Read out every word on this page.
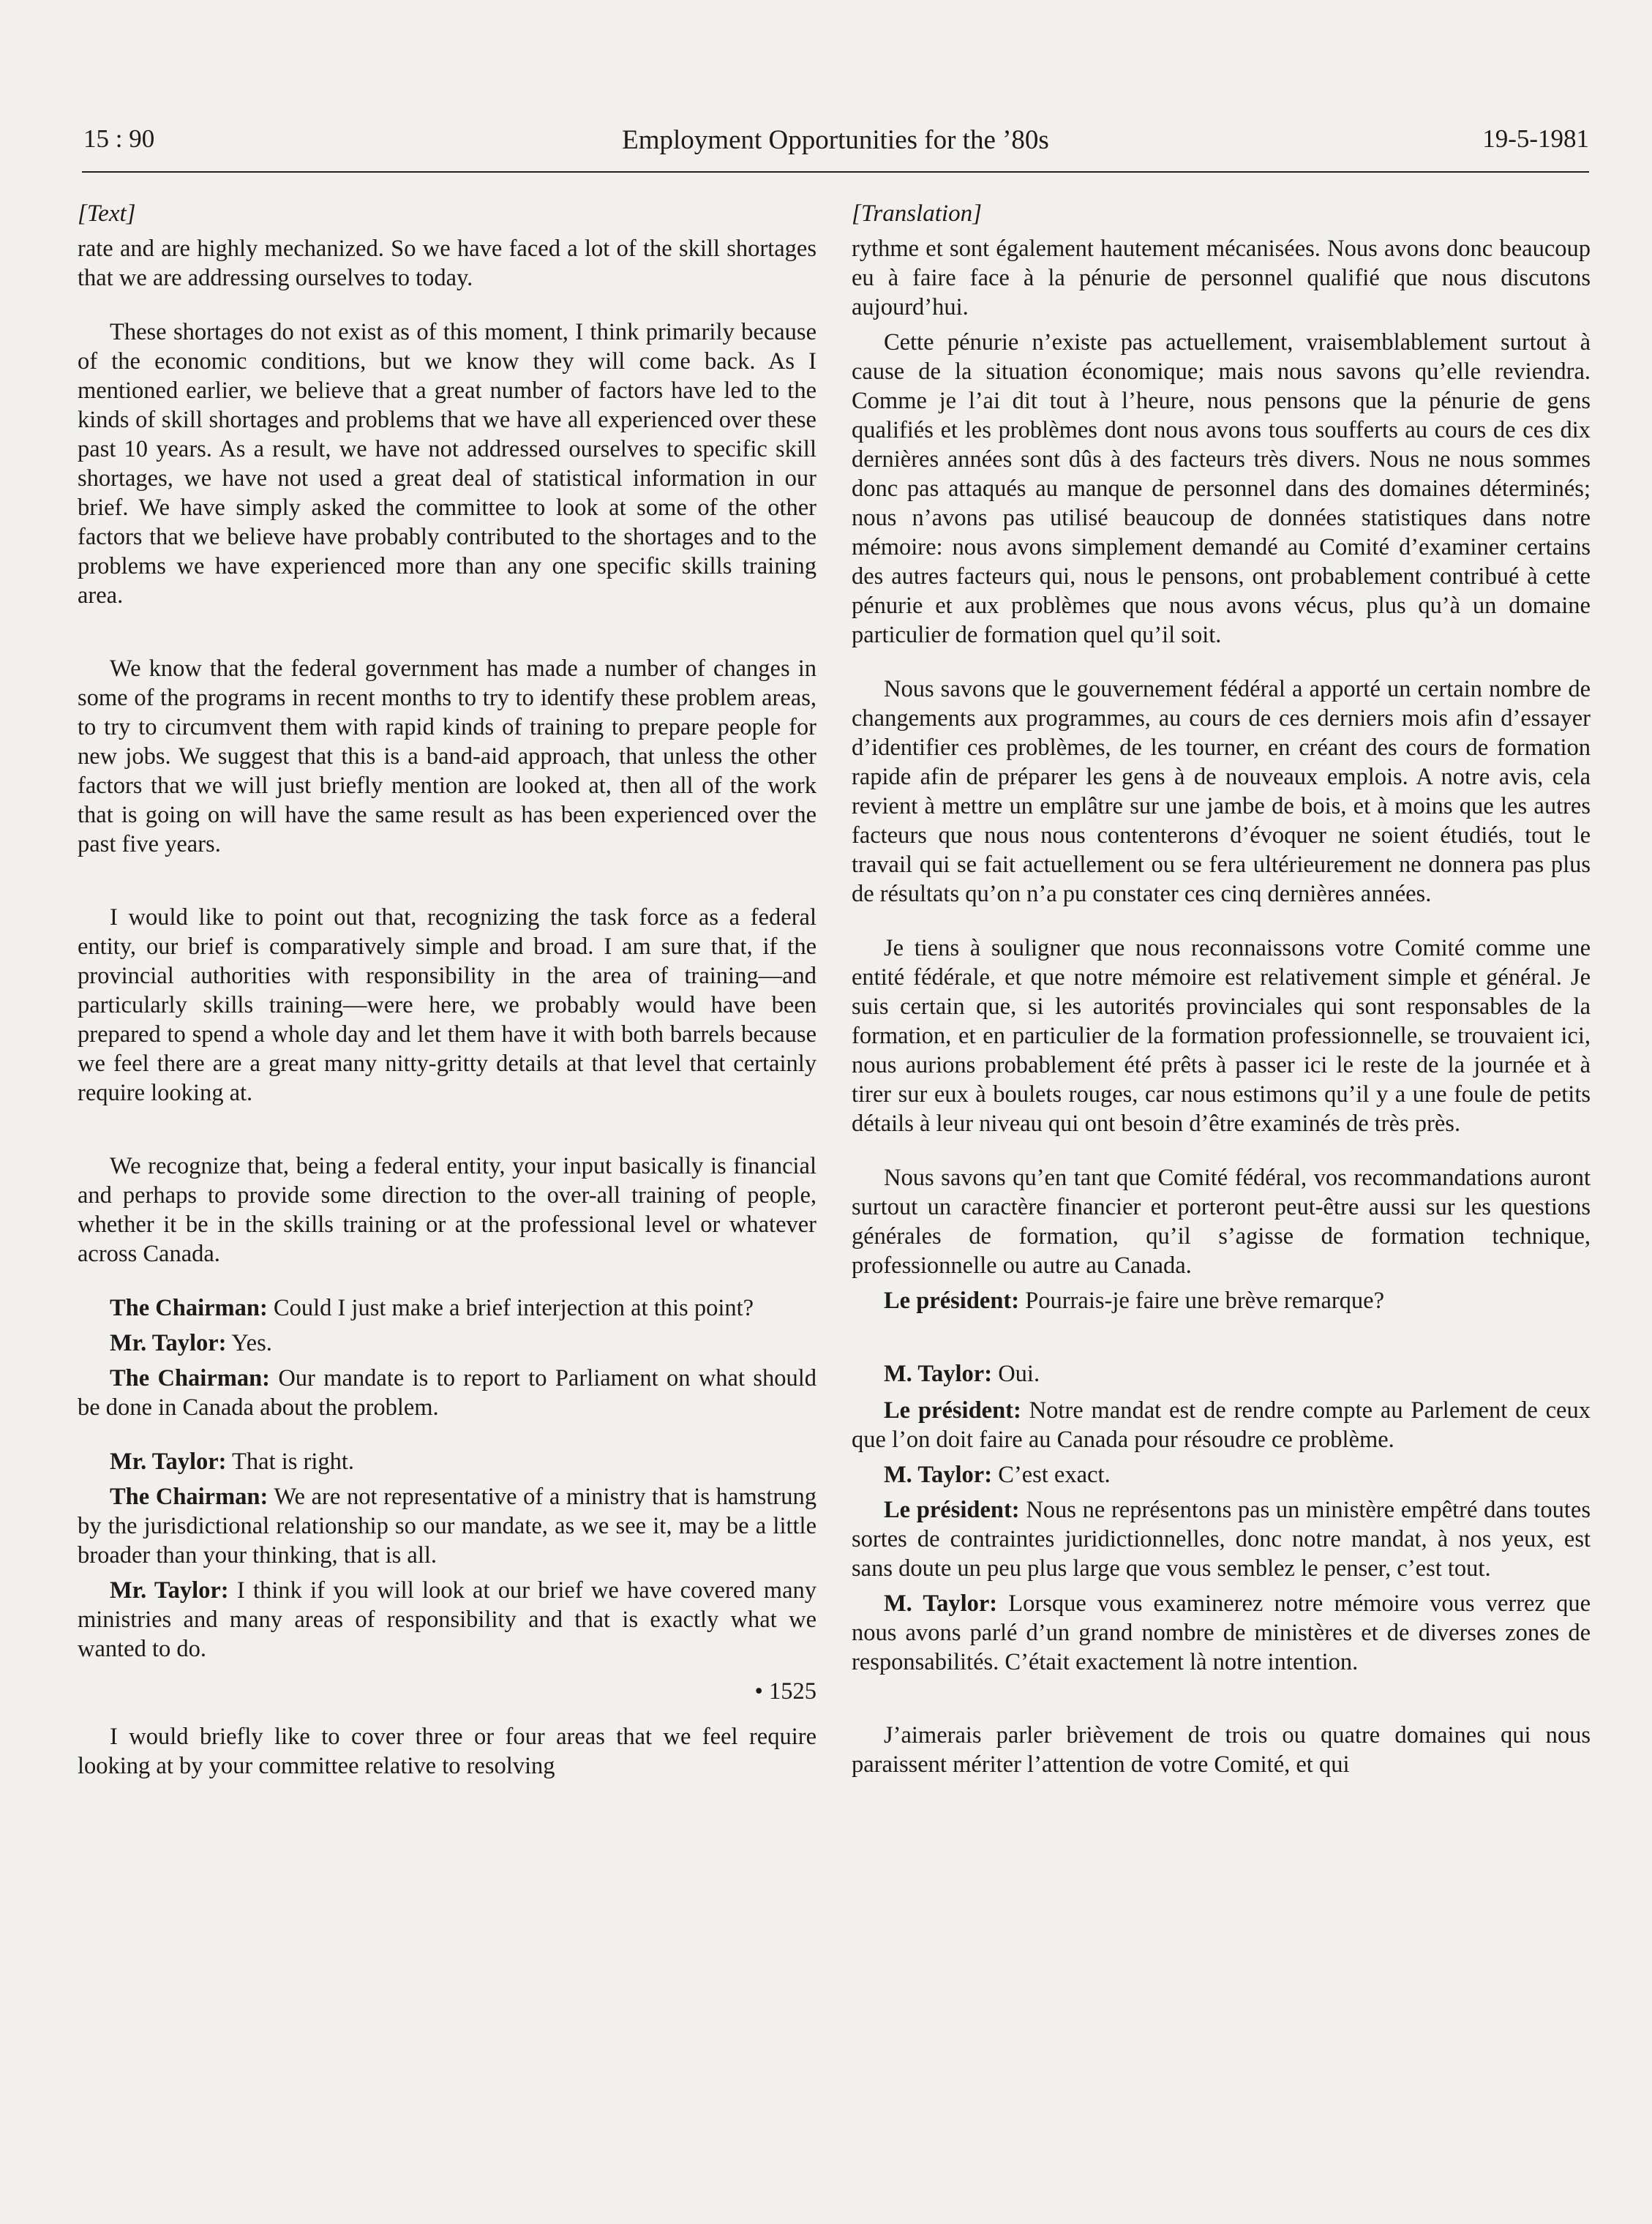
15 : 90	Employment Opportunities for the ’80s	19-5-1981

[Text]

rate and are highly mechanized. So we have faced a lot of the skill shortages that we are addressing ourselves to today.

These shortages do not exist as of this moment, I think primarily because of the economic conditions, but we know they will come back. As I mentioned earlier, we believe that a great number of factors have led to the kinds of skill shortages and problems that we have all experienced over these past 10 years. As a result, we have not addressed ourselves to specific skill shortages, we have not used a great deal of statistical information in our brief. We have simply asked the committee to look at some of the other factors that we believe have probably contributed to the shortages and to the problems we have experienced more than any one specific skills training area.

We know that the federal government has made a number of changes in some of the programs in recent months to try to identify these problem areas, to try to circumvent them with rapid kinds of training to prepare people for new jobs. We suggest that this is a band-aid approach, that unless the other factors that we will just briefly mention are looked at, then all of the work that is going on will have the same result as has been experienced over the past five years.

I would like to point out that, recognizing the task force as a federal entity, our brief is comparatively simple and broad. I am sure that, if the provincial authorities with responsibility in the area of training—and particularly skills training—were here, we probably would have been prepared to spend a whole day and let them have it with both barrels because we feel there are a great many nitty-gritty details at that level that certainly require looking at.

We recognize that, being a federal entity, your input basically is financial and perhaps to provide some direction to the over-all training of people, whether it be in the skills training or at the professional level or whatever across Canada.

The Chairman: Could I just make a brief interjection at this point?

Mr. Taylor: Yes.

The Chairman: Our mandate is to report to Parliament on what should be done in Canada about the problem.

Mr. Taylor: That is right.

The Chairman: We are not representative of a ministry that is hamstrung by the jurisdictional relationship so our mandate, as we see it, may be a little broader than your thinking, that is all.

Mr. Taylor: I think if you will look at our brief we have covered many ministries and many areas of responsibility and that is exactly what we wanted to do.

• 1525

I would briefly like to cover three or four areas that we feel require looking at by your committee relative to resolving

[Translation]

rythme et sont également hautement mécanisées. Nous avons donc beaucoup eu à faire face à la pénurie de personnel qualifié que nous discutons aujourd’hui.

Cette pénurie n’existe pas actuellement, vraisemblablement surtout à cause de la situation économique; mais nous savons qu’elle reviendra. Comme je l’ai dit tout à l’heure, nous pensons que la pénurie de gens qualifiés et les problèmes dont nous avons tous soufferts au cours de ces dix dernières années sont dûs à des facteurs très divers. Nous ne nous sommes donc pas attaqués au manque de personnel dans des domaines déterminés; nous n’avons pas utilisé beaucoup de données statistiques dans notre mémoire: nous avons simplement demandé au Comité d’examiner certains des autres facteurs qui, nous le pensons, ont probablement contribué à cette pénurie et aux problèmes que nous avons vécus, plus qu’à un domaine particulier de formation quel qu’il soit.

Nous savons que le gouvernement fédéral a apporté un certain nombre de changements aux programmes, au cours de ces derniers mois afin d’essayer d’identifier ces problèmes, de les tourner, en créant des cours de formation rapide afin de préparer les gens à de nouveaux emplois. A notre avis, cela revient à mettre un emplâtre sur une jambe de bois, et à moins que les autres facteurs que nous nous contenterons d’évoquer ne soient étudiés, tout le travail qui se fait actuellement ou se fera ultérieurement ne donnera pas plus de résultats qu’on n’a pu constater ces cinq dernières années.

Je tiens à souligner que nous reconnaissons votre Comité comme une entité fédérale, et que notre mémoire est relativement simple et général. Je suis certain que, si les autorités provinciales qui sont responsables de la formation, et en particulier de la formation professionnelle, se trouvaient ici, nous aurions probablement été prêts à passer ici le reste de la journée et à tirer sur eux à boulets rouges, car nous estimons qu’il y a une foule de petits détails à leur niveau qui ont besoin d’être examinés de très près.

Nous savons qu’en tant que Comité fédéral, vos recommandations auront surtout un caractère financier et porteront peut-être aussi sur les questions générales de formation, qu’il s’agisse de formation technique, professionnelle ou autre au Canada.

Le président: Pourrais-je faire une brève remarque?

M. Taylor: Oui.

Le président: Notre mandat est de rendre compte au Parlement de ceux que l’on doit faire au Canada pour résoudre ce problème.

M. Taylor: C’est exact.

Le président: Nous ne représentons pas un ministère empêtré dans toutes sortes de contraintes juridictionnelles, donc notre mandat, à nos yeux, est sans doute un peu plus large que vous semblez le penser, c’est tout.

M. Taylor: Lorsque vous examinerez notre mémoire vous verrez que nous avons parlé d’un grand nombre de ministères et de diverses zones de responsabilités. C’était exactement là notre intention.

J’aimerais parler brièvement de trois ou quatre domaines qui nous paraissent mériter l’attention de votre Comité, et qui
